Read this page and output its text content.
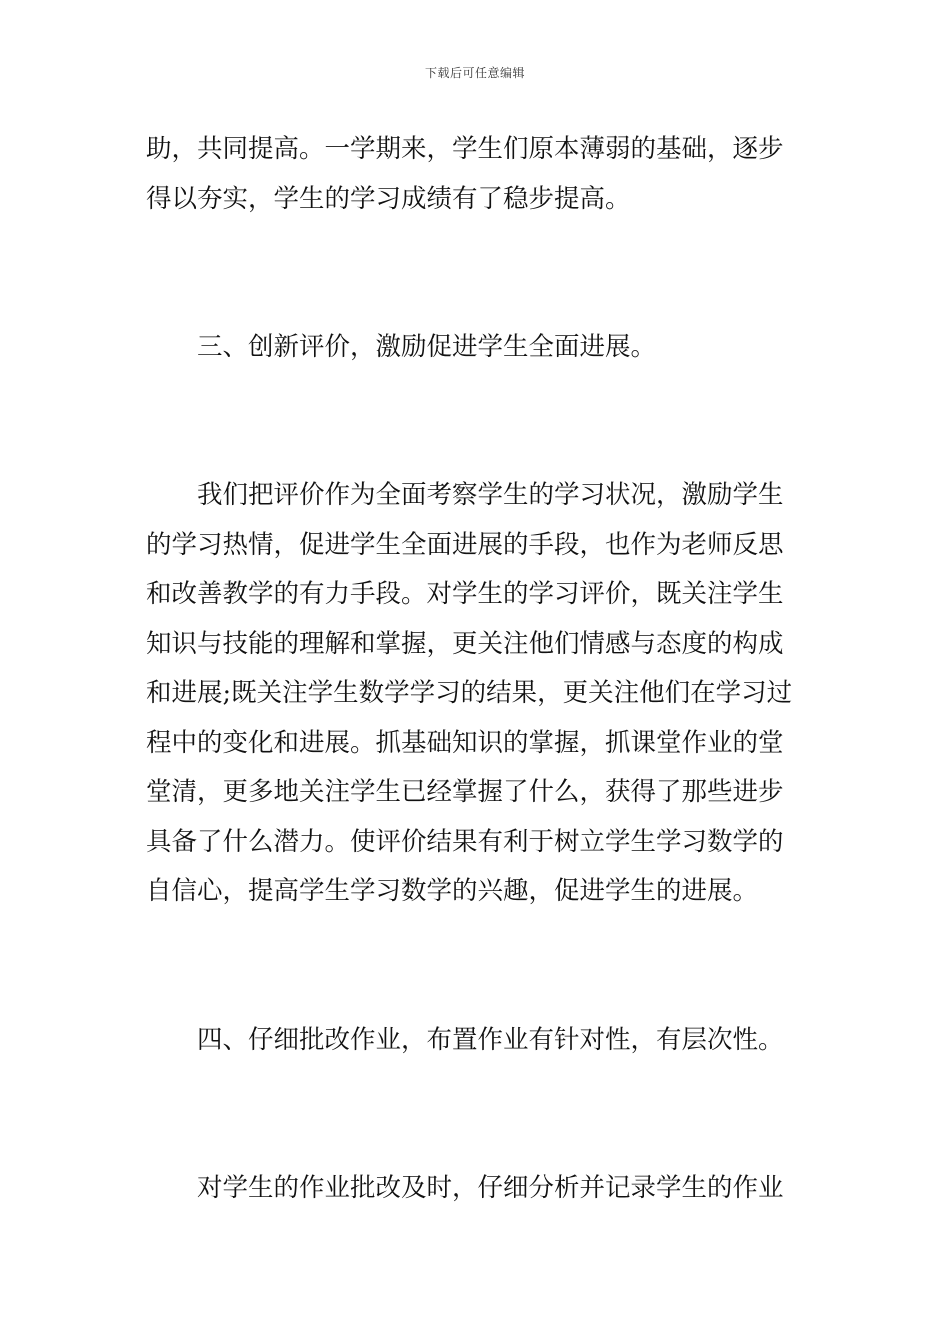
下载后可任意编辑

助，共同提高。一学期来，学生们原本薄弱的基础，逐步
得以夯实，学生的学习成绩有了稳步提高。

三、创新评价，激励促进学生全面进展。

我们把评价作为全面考察学生的学习状况，激励学生
的学习热情，促进学生全面进展的手段，也作为老师反思
和改善教学的有力手段。对学生的学习评价，既关注学生
知识与技能的理解和掌握，更关注他们情感与态度的构成
和进展;既关注学生数学学习的结果，更关注他们在学习过
程中的变化和进展。抓基础知识的掌握，抓课堂作业的堂
堂清，更多地关注学生已经掌握了什么，获得了那些进步
具备了什么潜力。使评价结果有利于树立学生学习数学的
自信心，提高学生学习数学的兴趣，促进学生的进展。

四、仔细批改作业，布置作业有针对性，有层次性。

对学生的作业批改及时，仔细分析并记录学生的作业
